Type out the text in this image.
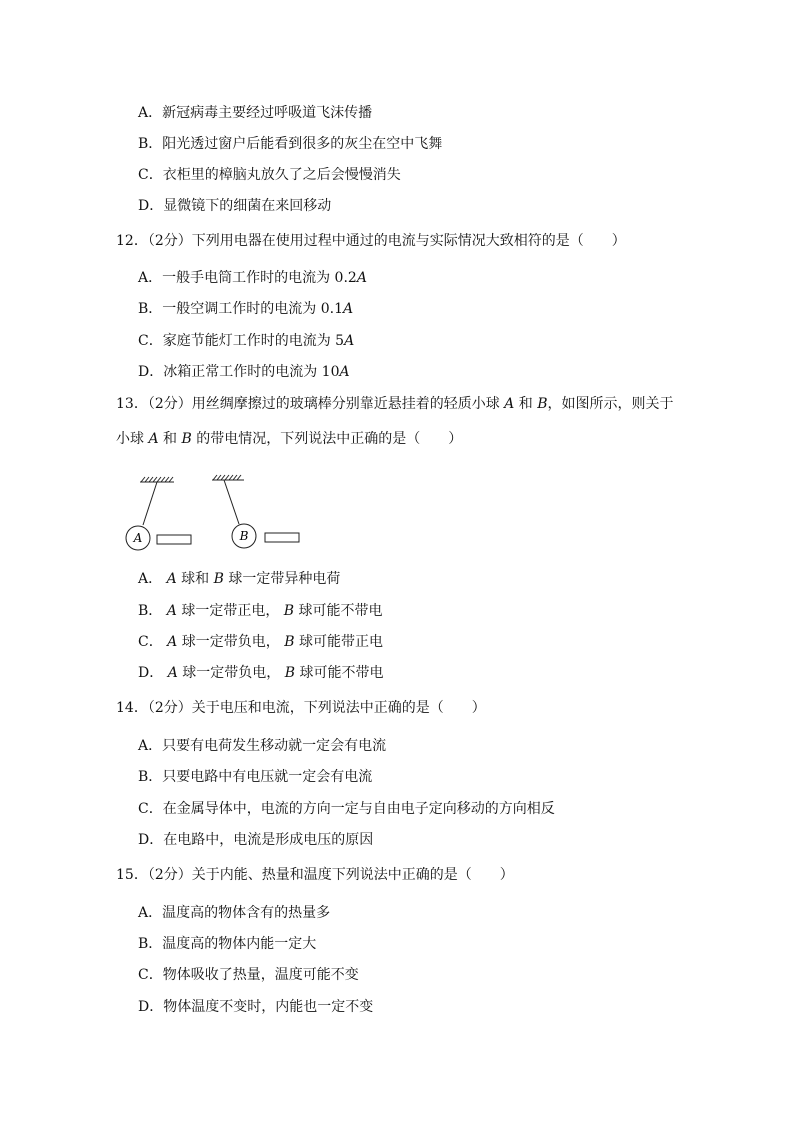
A．新冠病毒主要经过呼吸道飞沫传播
B．阳光透过窗户后能看到很多的灰尘在空中飞舞
C．衣柜里的樟脑丸放久了之后会慢慢消失
D．显微镜下的细菌在来回移动
12．（2分）下列用电器在使用过程中通过的电流与实际情况大致相符的是（　　）
A．一般手电筒工作时的电流为 0.2A
B．一般空调工作时的电流为 0.1A
C．家庭节能灯工作时的电流为 5A
D．冰箱正常工作时的电流为 10A
13．（2分）用丝绸摩擦过的玻璃棒分别靠近悬挂着的轻质小球 A 和 B，如图所示，则关于
小球 A 和 B 的带电情况，下列说法中正确的是（　　）
A	B
A． A 球和 B 球一定带异种电荷
B． A 球一定带正电， B 球可能不带电
C． A 球一定带负电， B 球可能带正电
D． A 球一定带负电， B 球可能不带电
14．（2分）关于电压和电流，下列说法中正确的是（　　）
A．只要有电荷发生移动就一定会有电流
B．只要电路中有电压就一定会有电流
C．在金属导体中，电流的方向一定与自由电子定向移动的方向相反
D．在电路中，电流是形成电压的原因
15．（2分）关于内能、热量和温度下列说法中正确的是（　　）
A．温度高的物体含有的热量多
B．温度高的物体内能一定大
C．物体吸收了热量，温度可能不变
D．物体温度不变时，内能也一定不变
